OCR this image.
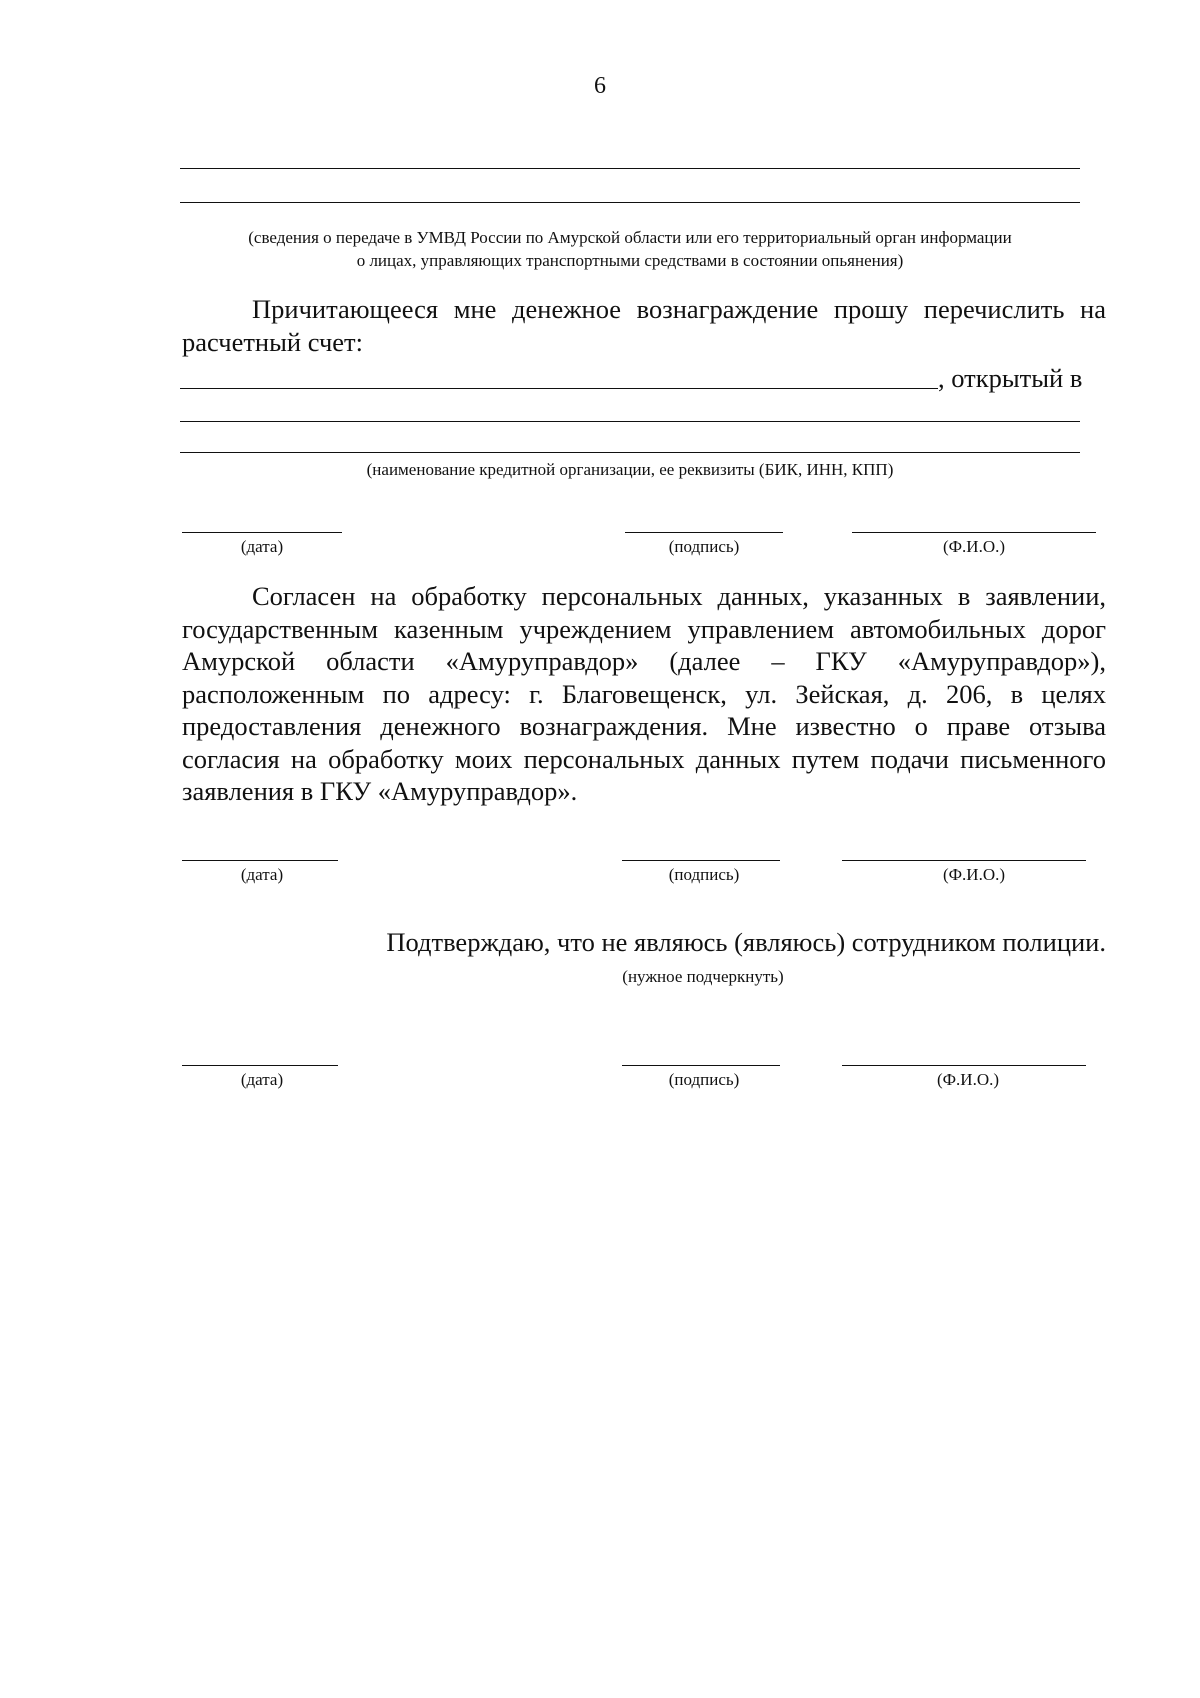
6
(сведения о передаче в УМВД России по Амурской области или его территориальный орган информации
о лицах, управляющих транспортными средствами в состоянии опьянения)

Причитающееся мне денежное вознаграждение прошу перечислить на расчетный счет:

, открытый в
(наименование кредитной организации, ее реквизиты (БИК, ИНН, КПП)
(дата)	(подпись)	(Ф.И.О.)

Согласен на обработку персональных данных, указанных в заявлении, государственным казенным учреждением управлением автомобильных дорог Амурской области «Амуруправдор» (далее – ГКУ «Амуруправдор»), расположенным по адресу: г. Благовещенск, ул. Зейская, д. 206, в целях предоставления денежного вознаграждения. Мне известно о праве отзыва согласия на обработку моих персональных данных путем подачи письменного заявления в ГКУ «Амуруправдор».

(дата)	(подпись)	(Ф.И.О.)
Подтверждаю, что не являюсь (являюсь) сотрудником полиции.
(нужное подчеркнуть)
(дата)	(подпись)	(Ф.И.О.)
